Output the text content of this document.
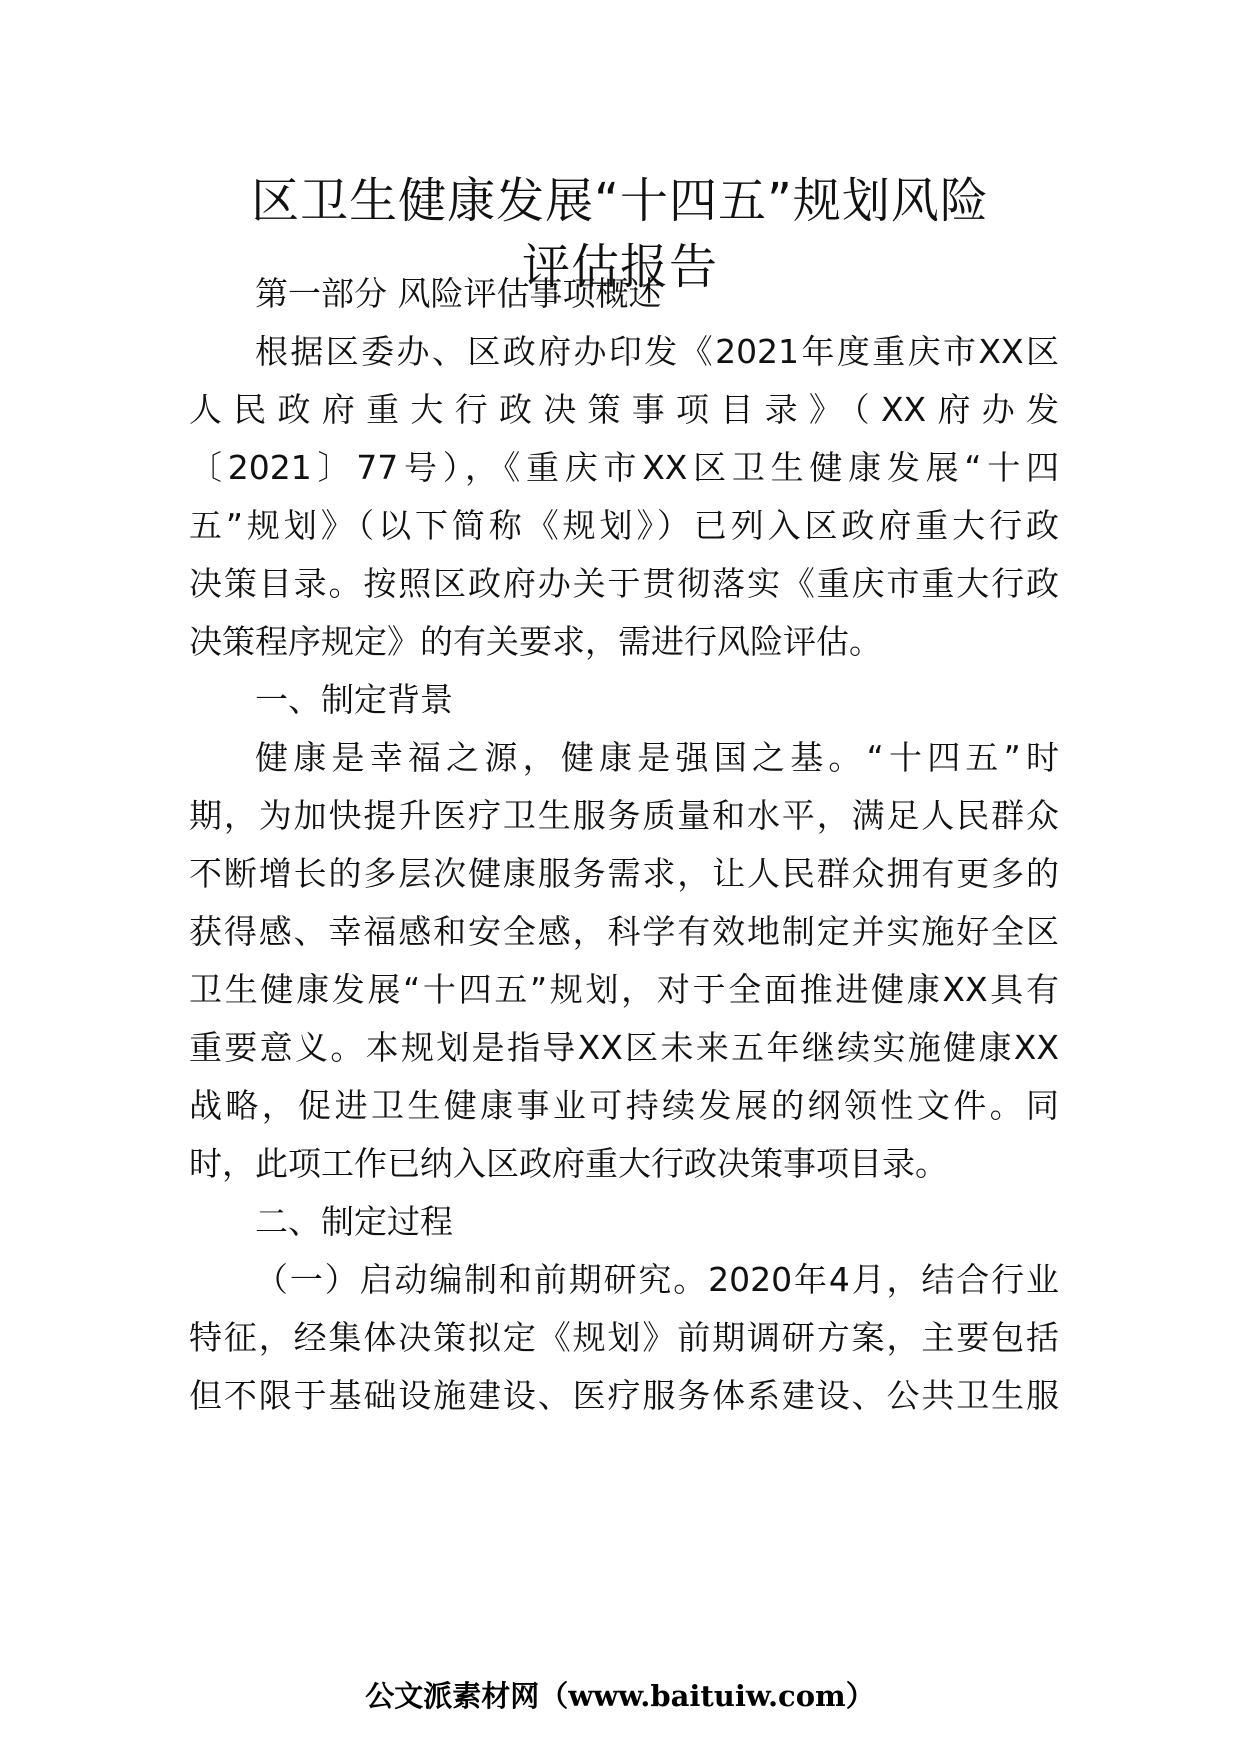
区卫生健康发展“十四五”规划风险
评估报告
第一部分 风险评估事项概述
根据区委办、区政府办印发《2021年度重庆市XX区
人民政府重大行政决策事项目录》（XX府办发
〔2021〕77号），《重庆市XX区卫生健康发展“十四
五”规划》（以下简称《规划》）已列入区政府重大行政
决策目录。按照区政府办关于贯彻落实《重庆市重大行政
决策程序规定》的有关要求，需进行风险评估。
一、制定背景
健康是幸福之源，健康是强国之基。“十四五”时
期，为加快提升医疗卫生服务质量和水平，满足人民群众
不断增长的多层次健康服务需求，让人民群众拥有更多的
获得感、幸福感和安全感，科学有效地制定并实施好全区
卫生健康发展“十四五”规划，对于全面推进健康XX具有
重要意义。本规划是指导XX区未来五年继续实施健康XX
战略，促进卫生健康事业可持续发展的纲领性文件。同
时，此项工作已纳入区政府重大行政决策事项目录。
二、制定过程
（一）启动编制和前期研究。2020年4月，结合行业
特征，经集体决策拟定《规划》前期调研方案，主要包括
但不限于基础设施建设、医疗服务体系建设、公共卫生服
公文派素材网（www.baituiw.com）
